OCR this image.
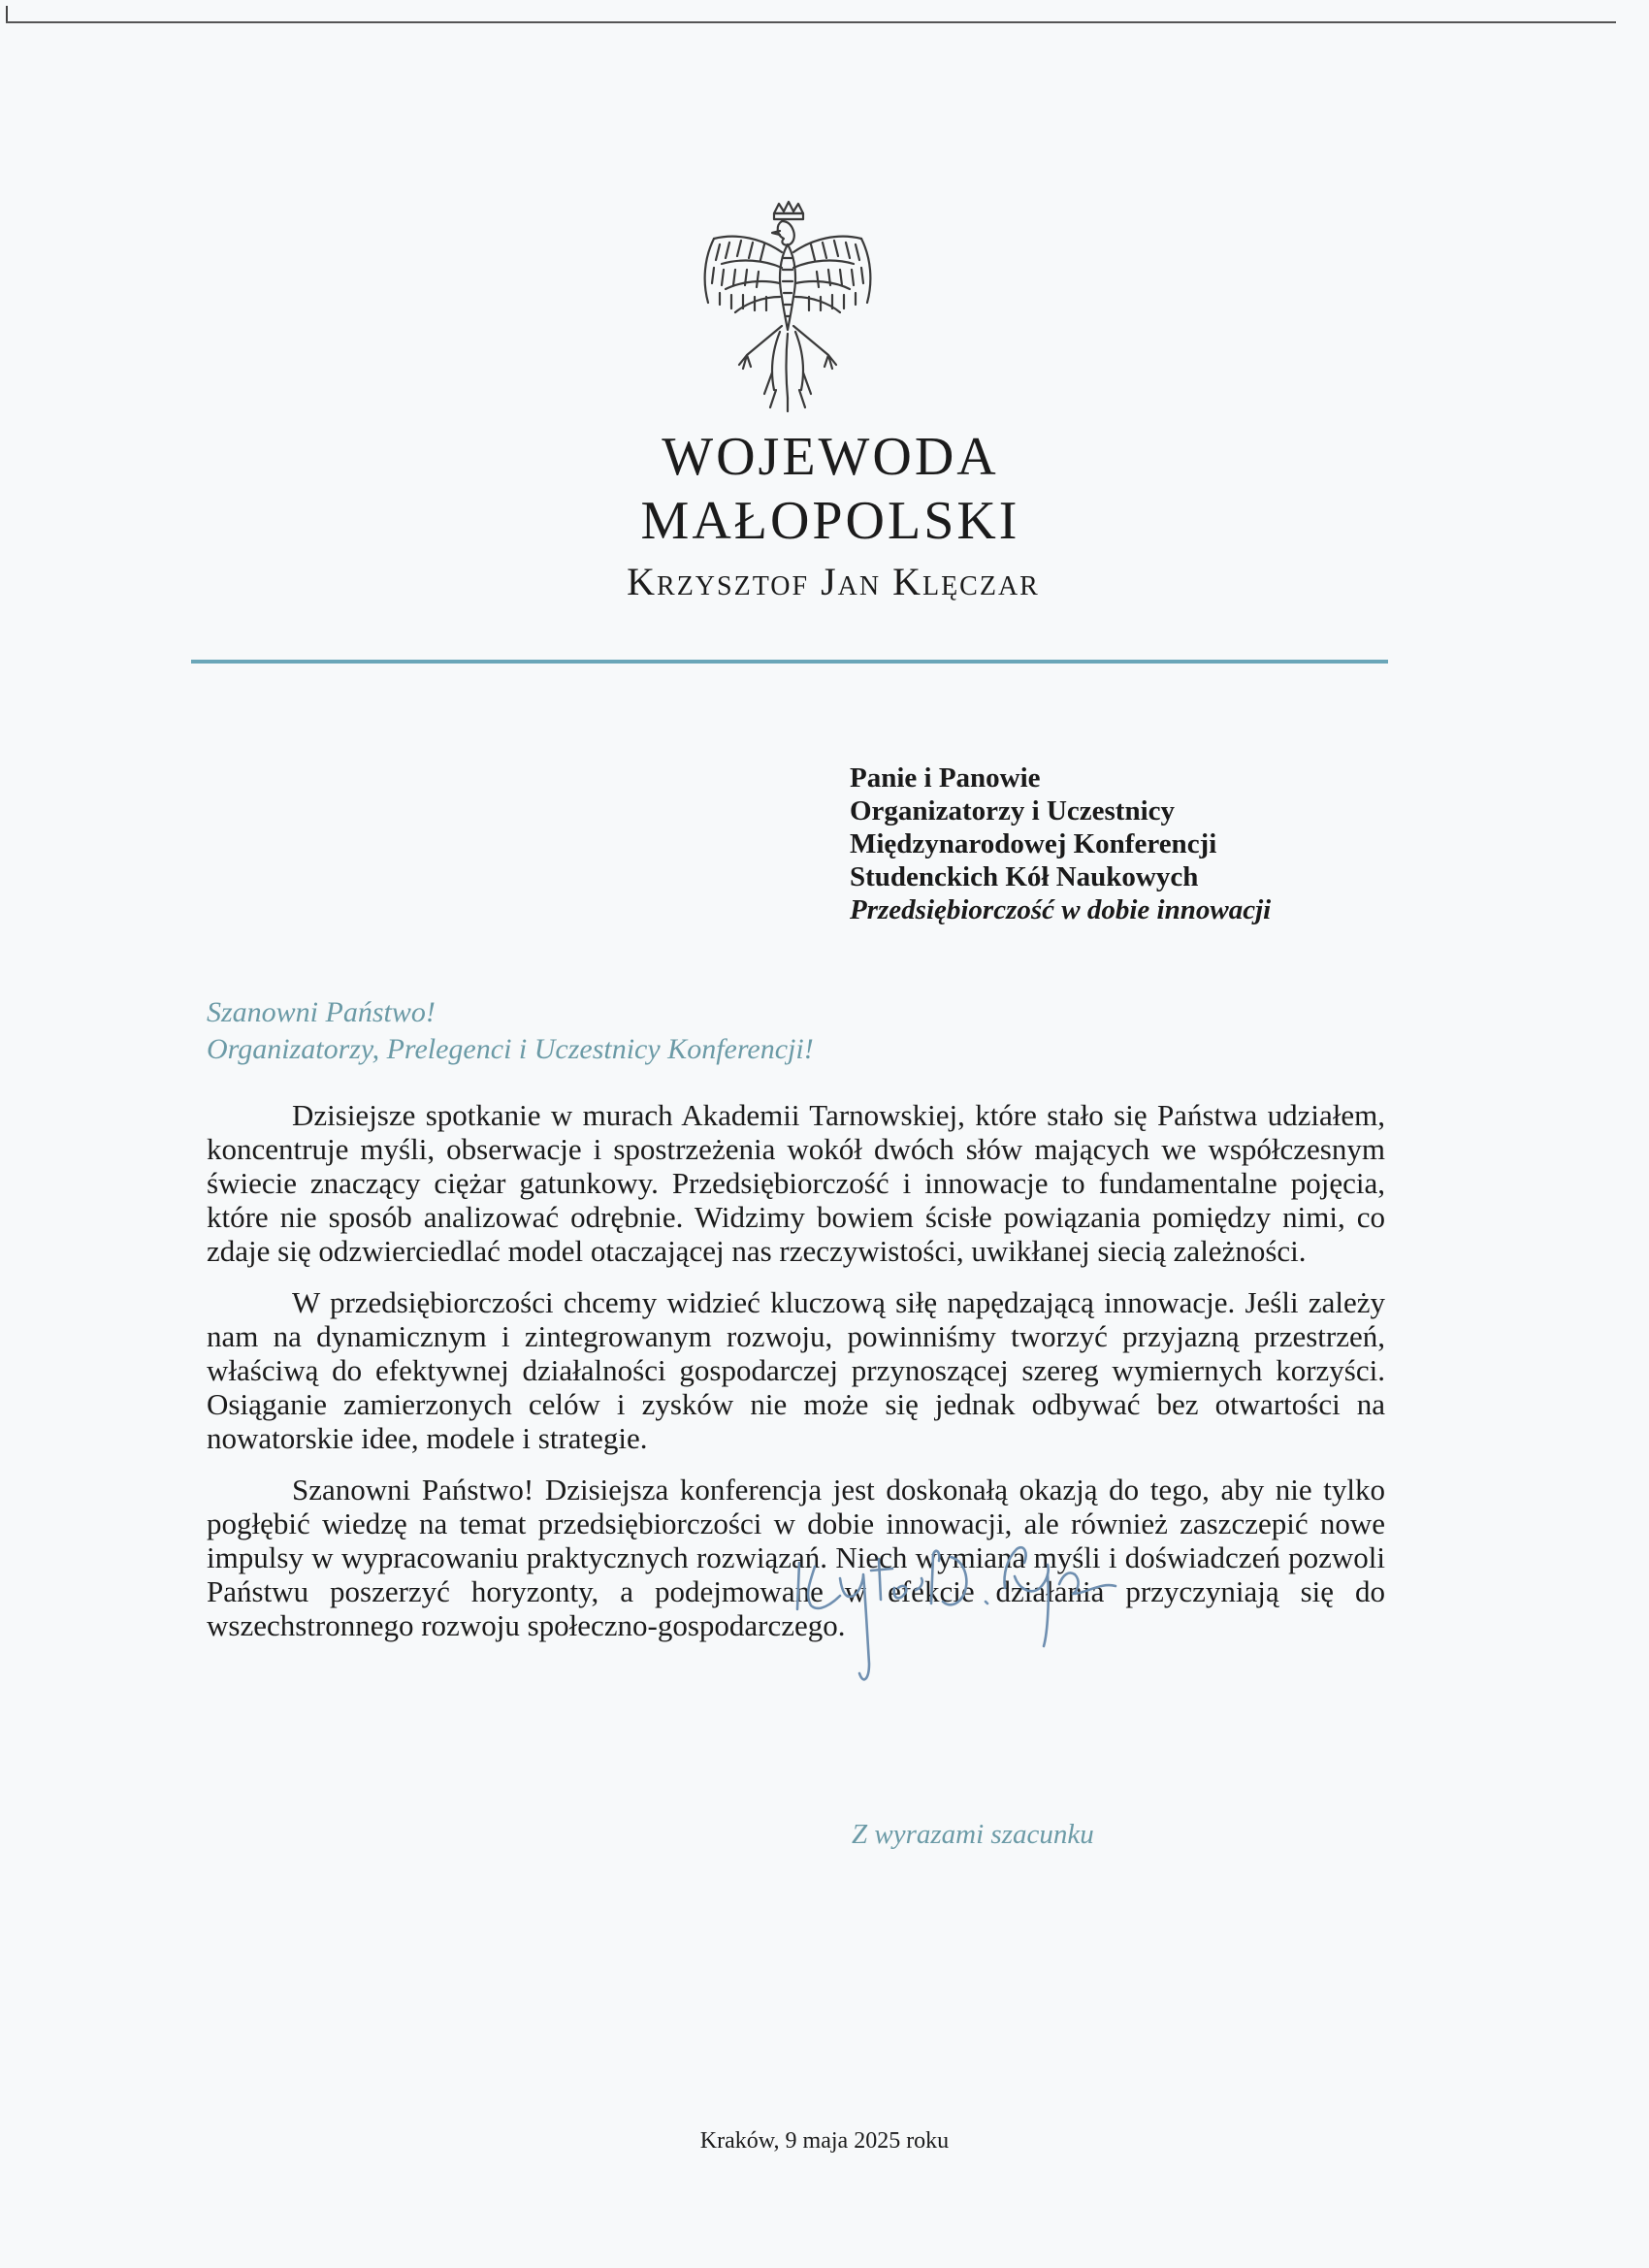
WOJEWODA
MAŁOPOLSKI
Krzysztof Jan Klęczar
Panie i Panowie
Organizatorzy i Uczestnicy
Międzynarodowej Konferencji
Studenckich Kół Naukowych
Przedsiębiorczość w dobie innowacji
Szanowni Państwo!
Organizatorzy, Prelegenci i Uczestnicy Konferencji!

Dzisiejsze spotkanie w murach Akademii Tarnowskiej, które stało się Państwa udziałem, koncentruje myśli, obserwacje i spostrzeżenia wokół dwóch słów mających we współczesnym świecie znaczący ciężar gatunkowy. Przedsiębiorczość i innowacje to fundamentalne pojęcia, które nie sposób analizować odrębnie. Widzimy bowiem ścisłe powiązania pomiędzy nimi, co zdaje się odzwierciedlać model otaczającej nas rzeczywistości, uwikłanej siecią zależności.

W przedsiębiorczości chcemy widzieć kluczową siłę napędzającą innowacje. Jeśli zależy nam na dynamicznym i zintegrowanym rozwoju, powinniśmy tworzyć przyjazną przestrzeń, właściwą do efektywnej działalności gospodarczej przynoszącej szereg wymiernych korzyści. Osiąganie zamierzonych celów i zysków nie może się jednak odbywać bez otwartości na nowatorskie idee, modele i strategie.

Szanowni Państwo! Dzisiejsza konferencja jest doskonałą okazją do tego, aby nie tylko pogłębić wiedzę na temat przedsiębiorczości w dobie innowacji, ale również zaszczepić nowe impulsy w wypracowaniu praktycznych rozwiązań. Niech wymiana myśli i doświadczeń pozwoli Państwu poszerzyć horyzonty, a podejmowane w efekcie działania przyczyniają się do wszechstronnego rozwoju społeczno-gospodarczego.

Z wyrazami szacunku
Kraków, 9 maja 2025 roku
